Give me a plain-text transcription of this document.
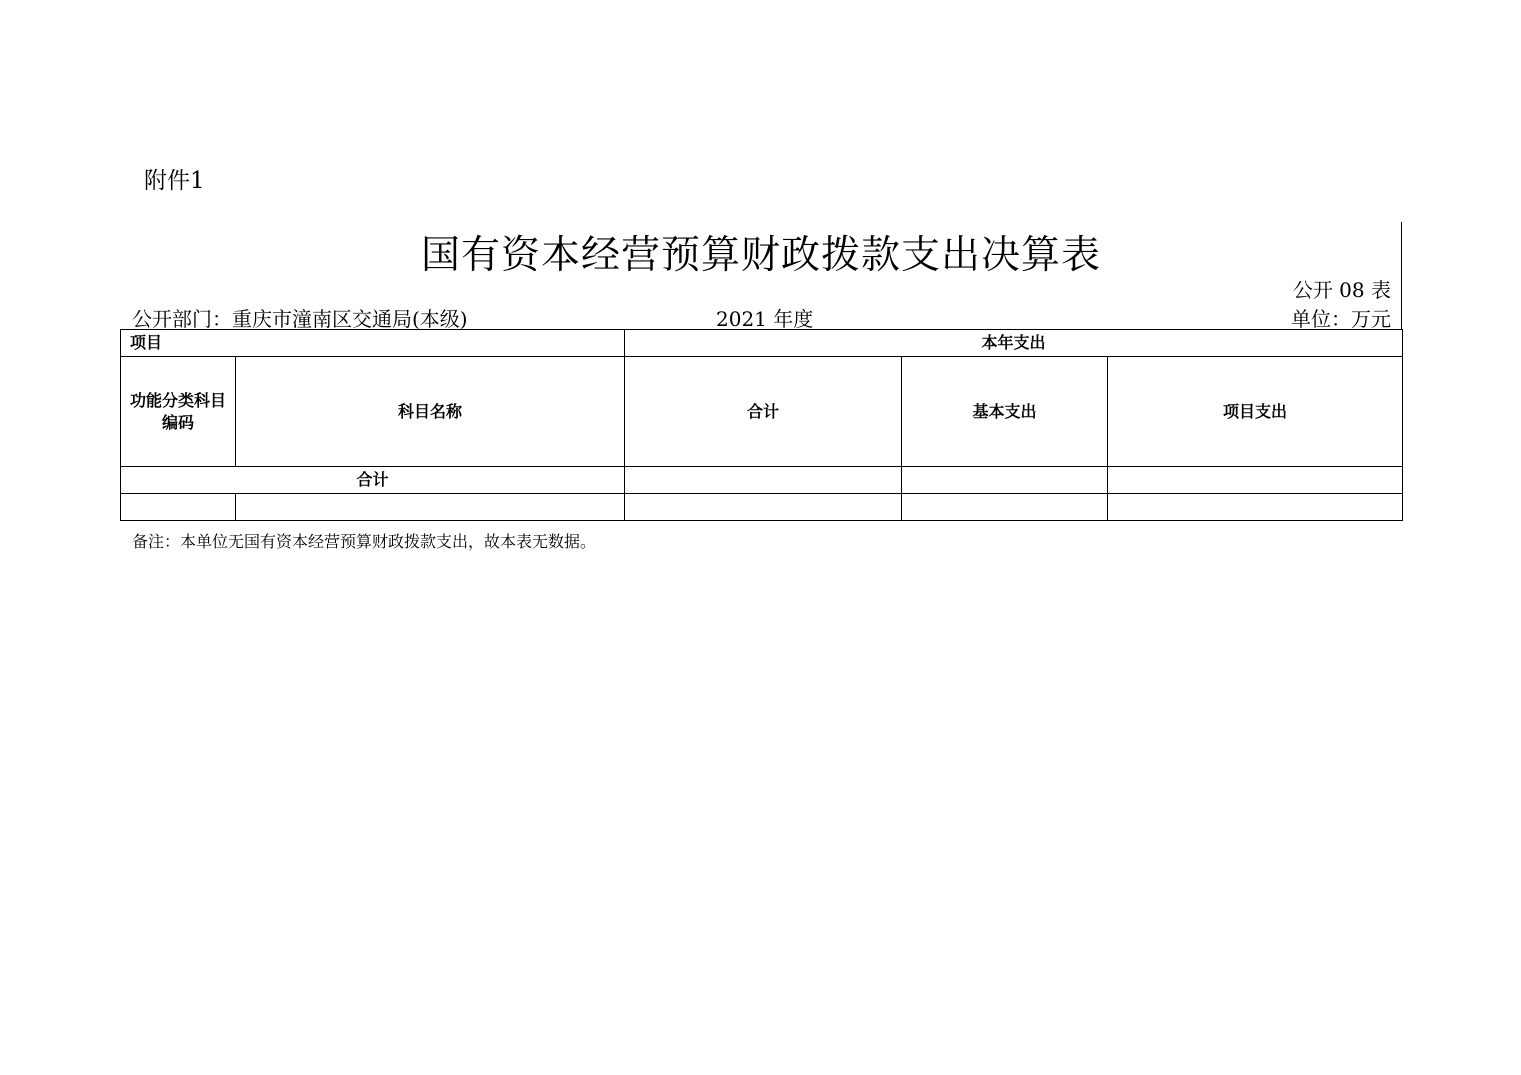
附件1
国有资本经营预算财政拨款支出决算表
公开 08 表
公开部门：重庆市潼南区交通局(本级)	2021 年度	单位：万元
项目		本年支出		

功能分类科目编码	科目名称	合计	基本支出	项目支出
合计				

备注：本单位无国有资本经营预算财政拨款支出，故本表无数据。
